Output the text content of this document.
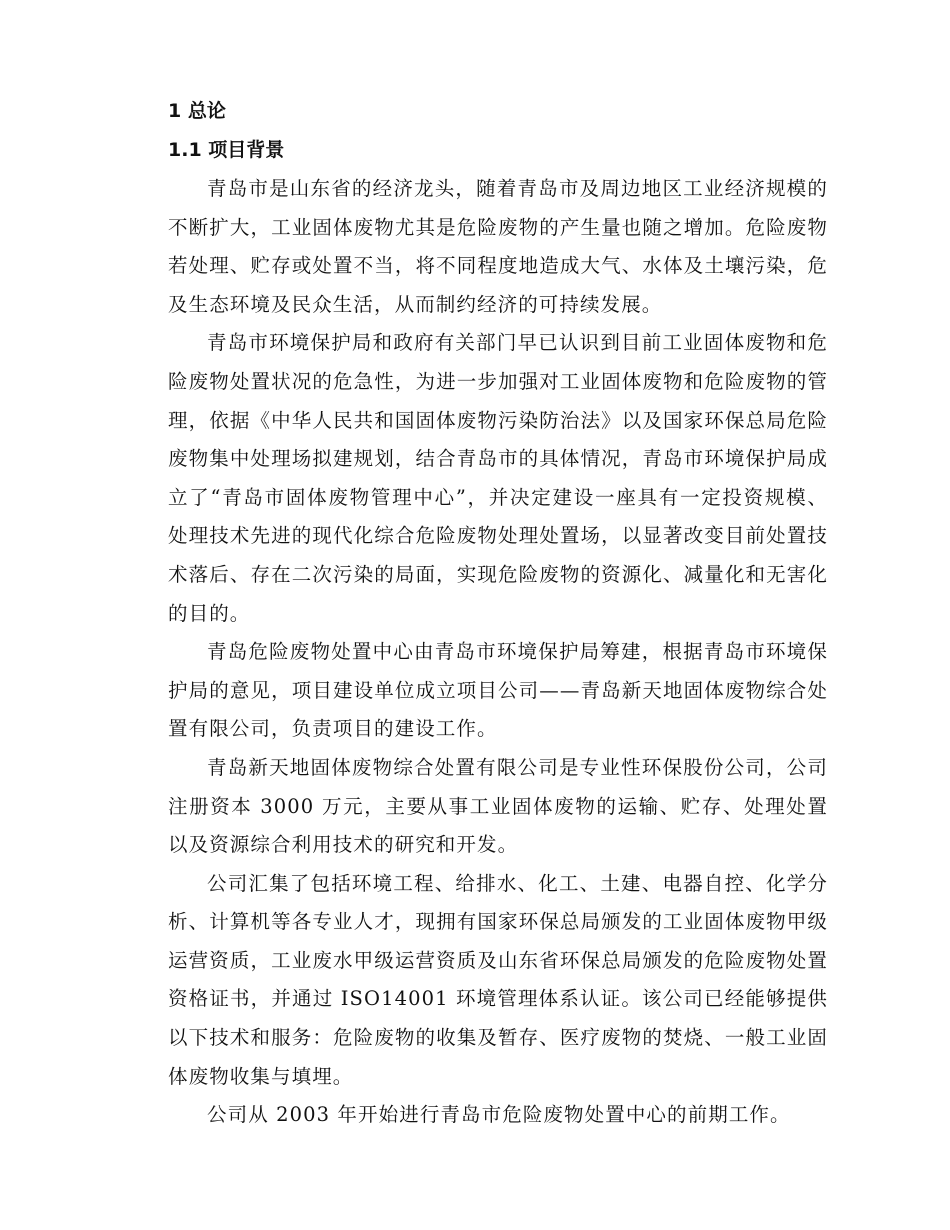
1 总论
1.1 项目背景

青岛市是山东省的经济龙头，随着青岛市及周边地区工业经济规模的不断扩大，工业固体废物尤其是危险废物的产生量也随之增加。危险废物若处理、贮存或处置不当，将不同程度地造成大气、水体及土壤污染，危及生态环境及民众生活，从而制约经济的可持续发展。

青岛市环境保护局和政府有关部门早已认识到目前工业固体废物和危险废物处置状况的危急性，为进一步加强对工业固体废物和危险废物的管理，依据《中华人民共和国固体废物污染防治法》以及国家环保总局危险废物集中处理场拟建规划，结合青岛市的具体情况，青岛市环境保护局成立了“青岛市固体废物管理中心”，并决定建设一座具有一定投资规模、处理技术先进的现代化综合危险废物处理处置场，以显著改变目前处置技术落后、存在二次污染的局面，实现危险废物的资源化、减量化和无害化的目的。

青岛危险废物处置中心由青岛市环境保护局筹建，根据青岛市环境保护局的意见，项目建设单位成立项目公司——青岛新天地固体废物综合处置有限公司，负责项目的建设工作。

青岛新天地固体废物综合处置有限公司是专业性环保股份公司，公司注册资本 3000 万元，主要从事工业固体废物的运输、贮存、处理处置以及资源综合利用技术的研究和开发。

公司汇集了包括环境工程、给排水、化工、土建、电器自控、化学分析、计算机等各专业人才，现拥有国家环保总局颁发的工业固体废物甲级运营资质，工业废水甲级运营资质及山东省环保总局颁发的危险废物处置资格证书，并通过 ISO14001 环境管理体系认证。该公司已经能够提供以下技术和服务：危险废物的收集及暂存、医疗废物的焚烧、一般工业固体废物收集与填埋。

公司从 2003 年开始进行青岛市危险废物处置中心的前期工作。
